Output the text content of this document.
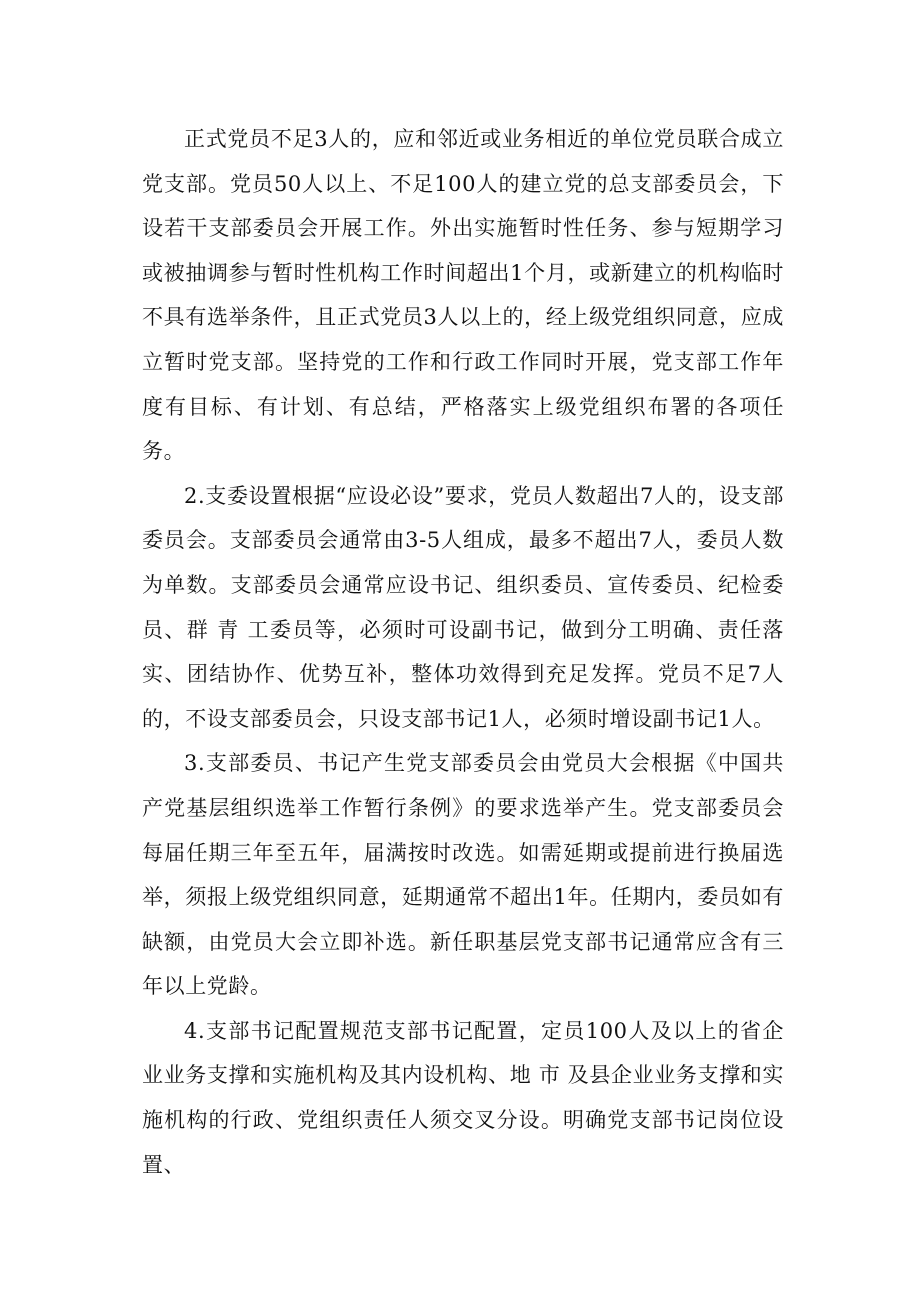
正式党员不足3人的，应和邻近或业务相近的单位党员联合成立党支部。党员50人以上、不足100人的建立党的总支部委员会，下设若干支部委员会开展工作。外出实施暂时性任务、参与短期学习或被抽调参与暂时性机构工作时间超出1个月，或新建立的机构临时不具有选举条件，且正式党员3人以上的，经上级党组织同意，应成立暂时党支部。坚持党的工作和行政工作同时开展，党支部工作年度有目标、有计划、有总结，严格落实上级党组织布署的各项任务。

2.支委设置根据“应设必设”要求，党员人数超出7人的，设支部委员会。支部委员会通常由3-5人组成，最多不超出7人，委员人数为单数。支部委员会通常应设书记、组织委员、宣传委员、纪检委员、群 青 工委员等，必须时可设副书记，做到分工明确、责任落实、团结协作、优势互补，整体功效得到充足发挥。党员不足7人的，不设支部委员会，只设支部书记1人，必须时增设副书记1人。

3.支部委员、书记产生党支部委员会由党员大会根据《中国共产党基层组织选举工作暂行条例》的要求选举产生。党支部委员会每届任期三年至五年，届满按时改选。如需延期或提前进行换届选举，须报上级党组织同意，延期通常不超出1年。任期内，委员如有缺额，由党员大会立即补选。新任职基层党支部书记通常应含有三年以上党龄。

4.支部书记配置规范支部书记配置，定员100人及以上的省企业业务支撑和实施机构及其内设机构、地 市 及县企业业务支撑和实施机构的行政、党组织责任人须交叉分设。明确党支部书记岗位设置、
